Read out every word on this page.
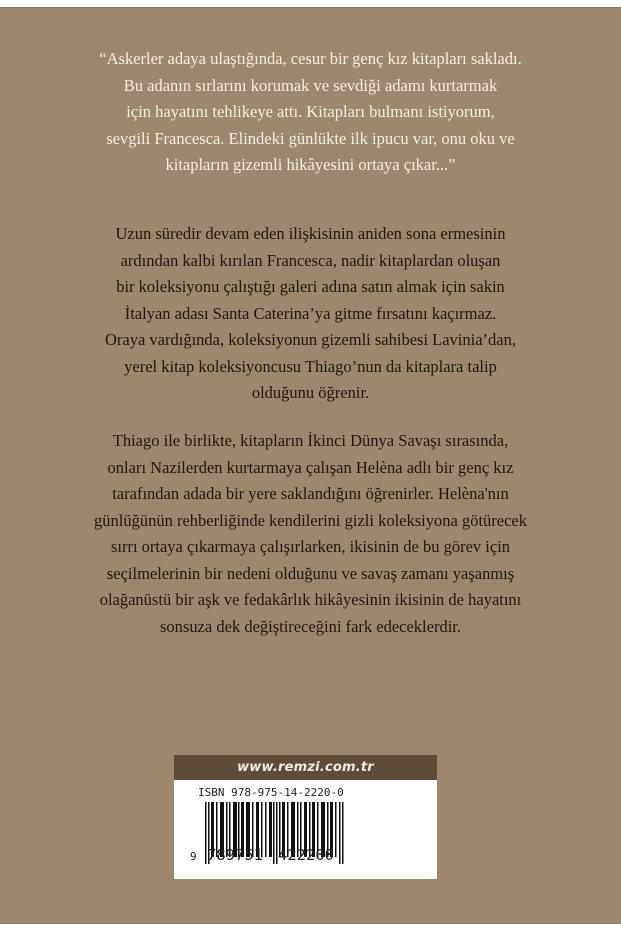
“Askerler adaya ulaştığında, cesur bir genç kız kitapları sakladı.
Bu adanın sırlarını korumak ve sevdiği adamı kurtarmak
için hayatını tehlikeye attı. Kitapları bulmanı istiyorum,
sevgili Francesca. Elindeki günlükte ilk ipucu var, onu oku ve
kitapların gizemli hikâyesini ortaya çıkar...”
Uzun süredir devam eden ilişkisinin aniden sona ermesinin
ardından kalbi kırılan Francesca, nadir kitaplardan oluşan
bir koleksiyonu çalıştığı galeri adına satın almak için sakin
İtalyan adası Santa Caterina’ya gitme fırsatını kaçırmaz.
Oraya vardığında, koleksiyonun gizemli sahibesi Lavinia’dan,
yerel kitap koleksiyoncusu Thiago’nun da kitaplara talip
olduğunu öğrenir.
Thiago ile birlikte, kitapların İkinci Dünya Savaşı sırasında,
onları Nazilerden kurtarmaya çalışan Helèna adlı bir genç kız
tarafından adada bir yere saklandığını öğrenirler. Helèna'nın
günlüğünün rehberliğinde kendilerini gizli koleksiyona götürecek
sırrı ortaya çıkarmaya çalışırlarken, ikisinin de bu görev için
seçilmelerinin bir nedeni olduğunu ve savaş zamanı yaşanmış
olağanüstü bir aşk ve fedakârlık hikâyesinin ikisinin de hayatını
sonsuza dek değiştireceğini fark edeceklerdir.
www.remzi.com.tr
ISBN 978-975-14-2220-0
9 789751 422200
